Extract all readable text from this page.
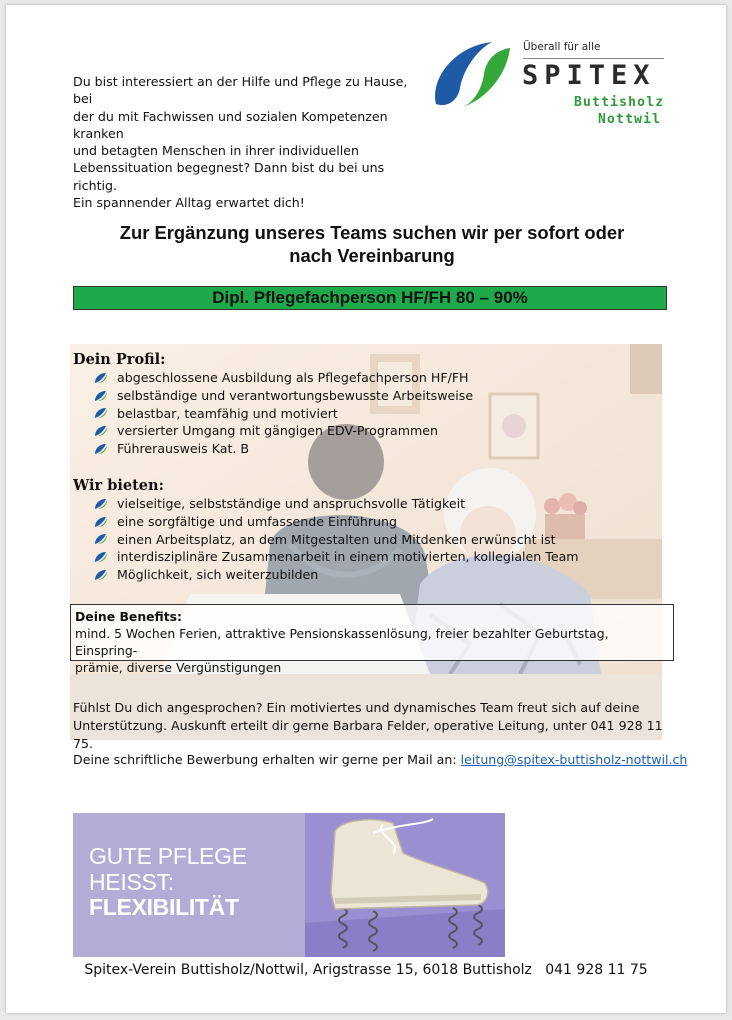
Du bist interessiert an der Hilfe und Pflege zu Hause, bei
der du mit Fachwissen und sozialen Kompetenzen kranken
und betagten Menschen in ihrer individuellen
Lebenssituation begegnest? Dann bist du bei uns richtig.
Ein spannender Alltag erwartet dich!
Überall für alle
SPITEX
Buttisholz
Nottwil
Zur Ergänzung unseres Teams suchen wir per sofort oder
nach Vereinbarung
Dipl. Pflegefachperson HF/FH 80 – 90%
Dein Profil:
abgeschlossene Ausbildung als Pflegefachperson HF/FH
selbständige und verantwortungsbewusste Arbeitsweise
belastbar, teamfähig und motiviert
versierter Umgang mit gängigen EDV-Programmen
Führerausweis Kat. B
Wir bieten:
vielseitige, selbstständige und anspruchsvolle Tätigkeit
eine sorgfältige und umfassende Einführung
einen Arbeitsplatz, an dem Mitgestalten und Mitdenken erwünscht ist
interdisziplinäre Zusammenarbeit in einem motivierten, kollegialen Team
Möglichkeit, sich weiterzubilden
Deine Benefits:
mind. 5 Wochen Ferien, attraktive Pensionskassenlösung, freier bezahlter Geburtstag, Einspring-
prämie, diverse Vergünstigungen
Fühlst Du dich angesprochen? Ein motiviertes und dynamisches Team freut sich auf deine
Unterstützung. Auskunft erteilt dir gerne Barbara Felder, operative Leitung, unter 041 928 11 75.
Deine schriftliche Bewerbung erhalten wir gerne per Mail an: leitung@spitex-buttisholz-nottwil.ch
GUTE PFLEGE
HEISST:
FLEXIBILITÄT
Spitex-Verein Buttisholz/Nottwil, Arigstrasse 15, 6018 Buttisholz   041 928 11 75
